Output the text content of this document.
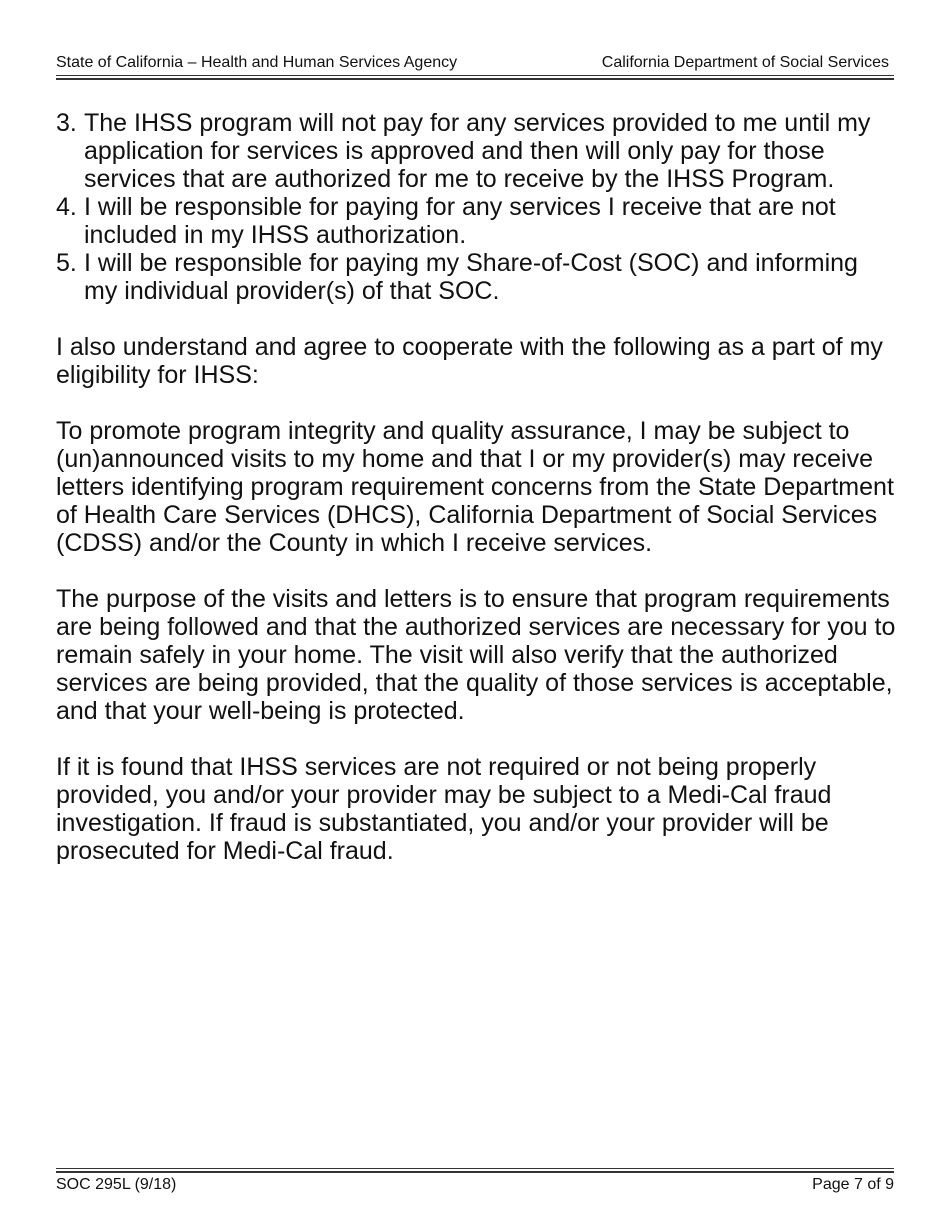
State of California – Health and Human Services Agency	California Department of Social Services
3. The IHSS program will not pay for any services provided to me until my application for services is approved and then will only pay for those services that are authorized for me to receive by the IHSS Program.
4. I will be responsible for paying for any services I receive that are not included in my IHSS authorization.
5. I will be responsible for paying my Share-of-Cost (SOC) and informing my individual provider(s) of that SOC.

I also understand and agree to cooperate with the following as a part of my eligibility for IHSS:

To promote program integrity and quality assurance, I may be subject to (un)announced visits to my home and that I or my provider(s) may receive letters identifying program requirement concerns from the State Department of Health Care Services (DHCS), California Department of Social Services (CDSS) and/or the County in which I receive services.

The purpose of the visits and letters is to ensure that program requirements are being followed and that the authorized services are necessary for you to remain safely in your home. The visit will also verify that the authorized services are being provided, that the quality of those services is acceptable, and that your well-being is protected.

If it is found that IHSS services are not required or not being properly provided, you and/or your provider may be subject to a Medi-Cal fraud investigation. If fraud is substantiated, you and/or your provider will be prosecuted for Medi-Cal fraud.

SOC 295L (9/18)	Page 7 of 9
